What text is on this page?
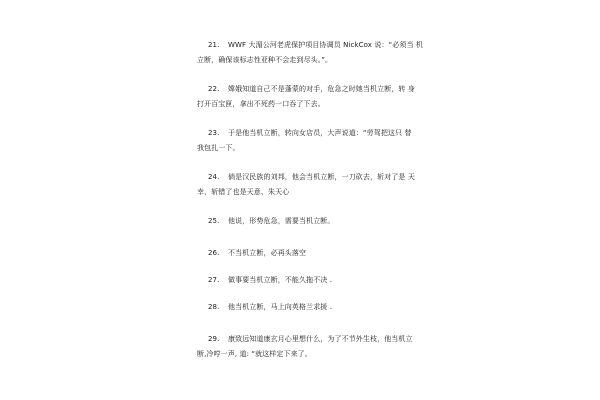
21. WWF 大湄公河老虎保护项目协调员 NickCox 说：“必须当 机
立断，确保该标志性亚种不会走到尽头。”。
22. 嫦娥知道自己不是蓬蒙的对手，危急之时她当机立断，转 身
打开百宝匣，拿出不死药一口吞了下去。
23. 于是他当机立断，转向女店员，大声说道：“劳驾把这只 替
我包扎一下。
24. 倘是汉民族的刘邦，他会当机立断，一刀砍去，斩对了是 天
幸，斩错了也是天意、朱天心
25. 他说，形势危急，需要当机立断。
26. 不当机立断，必再头落空
27. 做事要当机立断，不能久拖不决 .
28. 他当机立断，马上向英格兰求援 .
29. 康致远知道康玄月心里想什么，为了不节外生枝，他当机立
断,冷哼一声, 道: “就这样定下来了。
